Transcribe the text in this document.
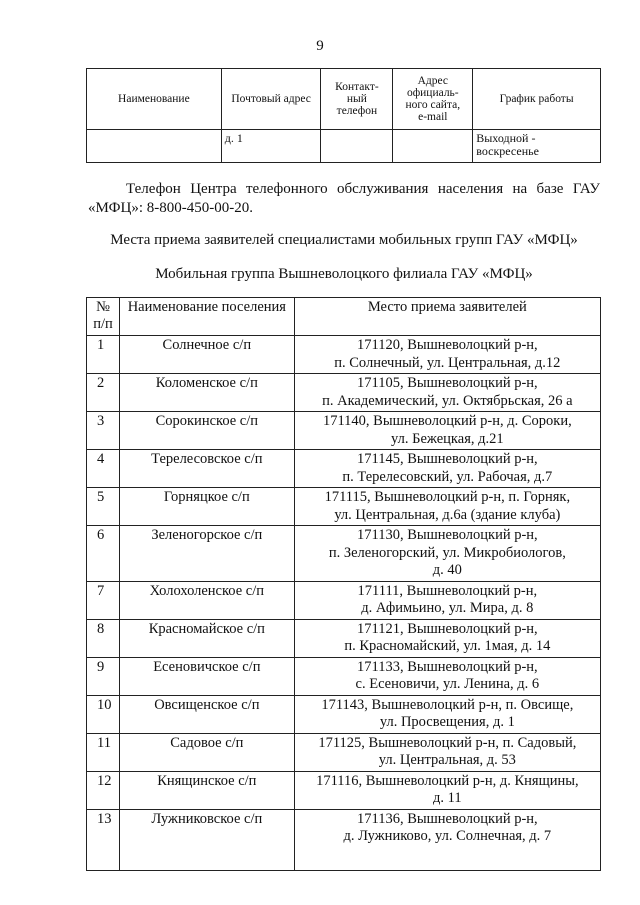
9
Наименование	Почтовый адрес	Контакт-
ный
телефон	Адрес
официаль-
ного сайта,
e-mail	График работы
	д. 1			Выходной -
воскресенье
Телефон Центра телефонного обслуживания населения на базе ГАУ «МФЦ»: 8-800-450-00-20.
Места приема заявителей специалистами мобильных групп ГАУ «МФЦ»
Мобильная группа Вышневолоцкого филиала ГАУ «МФЦ»
№
п/п	Наименование поселения	Место приема заявителей
1	Солнечное с/п	171120, Вышневолоцкий р-н,
п. Солнечный, ул. Центральная, д.12
2	Коломенское с/п	171105, Вышневолоцкий р-н,
п. Академический, ул. Октябрьская, 26 а
3	Сорокинское с/п	171140, Вышневолоцкий р-н, д. Сороки,
ул. Бежецкая, д.21
4	Терелесовское с/п	171145, Вышневолоцкий р-н,
п. Терелесовский, ул. Рабочая, д.7
5	Горняцкое с/п	171115, Вышневолоцкий р-н, п. Горняк,
ул. Центральная, д.6а (здание клуба)
6	Зеленогорское с/п	171130, Вышневолоцкий р-н,
п. Зеленогорский, ул. Микробиологов,
д. 40
7	Холохоленское с/п	171111, Вышневолоцкий р-н,
д. Афимьино, ул. Мира, д. 8
8	Красномайское с/п	171121, Вышневолоцкий р-н,
п. Красномайский, ул. 1мая, д. 14
9	Есеновичское с/п	171133, Вышневолоцкий р-н,
с. Есеновичи, ул. Ленина, д. 6
10	Овсищенское с/п	171143, Вышневолоцкий р-н, п. Овсище,
ул. Просвещения, д. 1
11	Садовое с/п	171125, Вышневолоцкий р-н, п. Садовый,
ул. Центральная, д. 53
12	Княщинское с/п	171116, Вышневолоцкий р-н, д. Княщины,
д. 11
13	Лужниковское с/п	171136, Вышневолоцкий р-н,
д. Лужниково, ул. Солнечная, д. 7
